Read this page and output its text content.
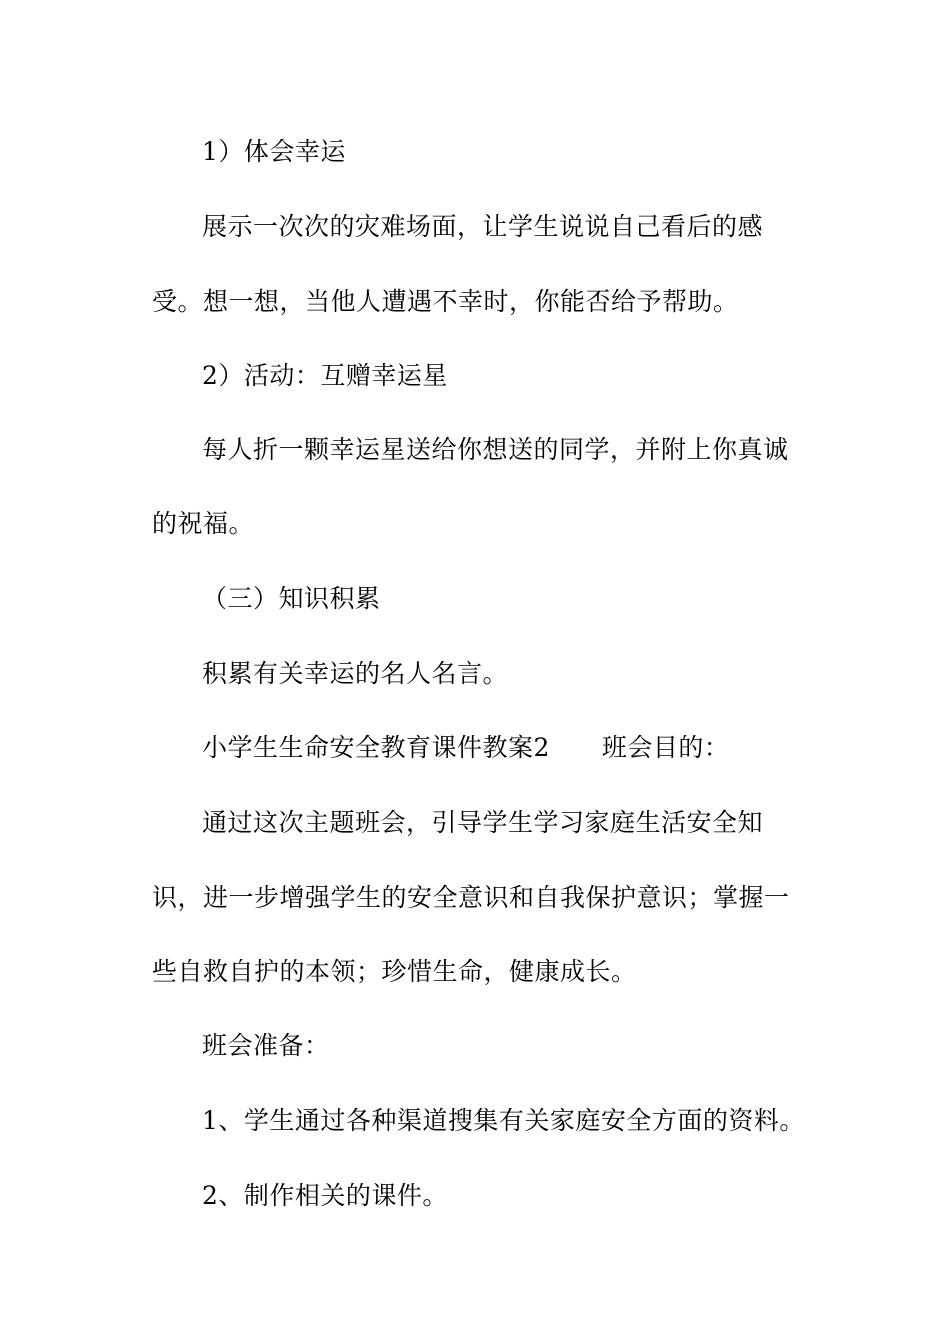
1）体会幸运
展示一次次的灾难场面，让学生说说自己看后的感
受。想一想，当他人遭遇不幸时，你能否给予帮助。
2）活动：互赠幸运星
每人折一颗幸运星送给你想送的同学，并附上你真诚
的祝福。
（三）知识积累
积累有关幸运的名人名言。
小学生生命安全教育课件教案2 班会目的：
通过这次主题班会，引导学生学习家庭生活安全知
识，进一步增强学生的安全意识和自我保护意识；掌握一
些自救自护的本领；珍惜生命，健康成长。
班会准备：
1、学生通过各种渠道搜集有关家庭安全方面的资料。
2、制作相关的课件。
